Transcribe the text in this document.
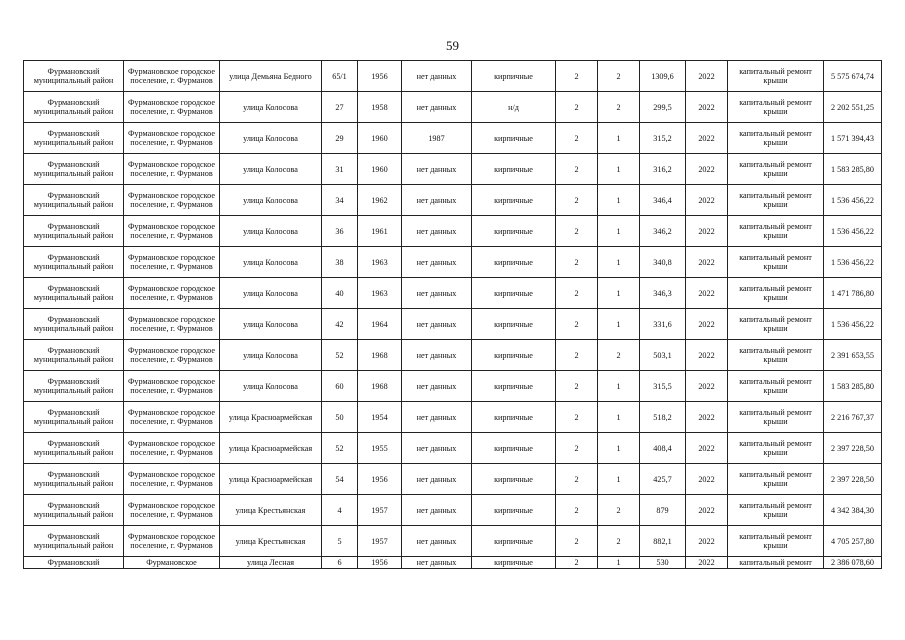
59
Фурмановский муниципальный район	Фурмановское городское поселение, г. Фурманов	улица Демьяна Бедного	65/1	1956	нет данных	кирпичные	2	2	1309,6	2022	капитальный ремонт крыши	5 575 674,74
Фурмановский муниципальный район	Фурмановское городское поселение, г. Фурманов	улица Колосова	27	1958	нет данных	н/д	2	2	299,5	2022	капитальный ремонт крыши	2 202 551,25
Фурмановский муниципальный район	Фурмановское городское поселение, г. Фурманов	улица Колосова	29	1960	1987	кирпичные	2	1	315,2	2022	капитальный ремонт крыши	1 571 394,43
Фурмановский муниципальный район	Фурмановское городское поселение, г. Фурманов	улица Колосова	31	1960	нет данных	кирпичные	2	1	316,2	2022	капитальный ремонт крыши	1 583 285,80
Фурмановский муниципальный район	Фурмановское городское поселение, г. Фурманов	улица Колосова	34	1962	нет данных	кирпичные	2	1	346,4	2022	капитальный ремонт крыши	1 536 456,22
Фурмановский муниципальный район	Фурмановское городское поселение, г. Фурманов	улица Колосова	36	1961	нет данных	кирпичные	2	1	346,2	2022	капитальный ремонт крыши	1 536 456,22
Фурмановский муниципальный район	Фурмановское городское поселение, г. Фурманов	улица Колосова	38	1963	нет данных	кирпичные	2	1	340,8	2022	капитальный ремонт крыши	1 536 456,22
Фурмановский муниципальный район	Фурмановское городское поселение, г. Фурманов	улица Колосова	40	1963	нет данных	кирпичные	2	1	346,3	2022	капитальный ремонт крыши	1 471 786,80
Фурмановский муниципальный район	Фурмановское городское поселение, г. Фурманов	улица Колосова	42	1964	нет данных	кирпичные	2	1	331,6	2022	капитальный ремонт крыши	1 536 456,22
Фурмановский муниципальный район	Фурмановское городское поселение, г. Фурманов	улица Колосова	52	1968	нет данных	кирпичные	2	2	503,1	2022	капитальный ремонт крыши	2 391 653,55
Фурмановский муниципальный район	Фурмановское городское поселение, г. Фурманов	улица Колосова	60	1968	нет данных	кирпичные	2	1	315,5	2022	капитальный ремонт крыши	1 583 285,80
Фурмановский муниципальный район	Фурмановское городское поселение, г. Фурманов	улица Красноармейская	50	1954	нет данных	кирпичные	2	1	518,2	2022	капитальный ремонт крыши	2 216 767,37
Фурмановский муниципальный район	Фурмановское городское поселение, г. Фурманов	улица Красноармейская	52	1955	нет данных	кирпичные	2	1	408,4	2022	капитальный ремонт крыши	2 397 228,50
Фурмановский муниципальный район	Фурмановское городское поселение, г. Фурманов	улица Красноармейская	54	1956	нет данных	кирпичные	2	1	425,7	2022	капитальный ремонт крыши	2 397 228,50
Фурмановский муниципальный район	Фурмановское городское поселение, г. Фурманов	улица Крестьянская	4	1957	нет данных	кирпичные	2	2	879	2022	капитальный ремонт крыши	4 342 384,30
Фурмановский муниципальный район	Фурмановское городское поселение, г. Фурманов	улица Крестьянская	5	1957	нет данных	кирпичные	2	2	882,1	2022	капитальный ремонт крыши	4 705 257,80
Фурмановский	Фурмановское	улица Лесная	6	1956	нет данных	кирпичные	2	1	530	2022	капитальный ремонт	2 386 078,60
